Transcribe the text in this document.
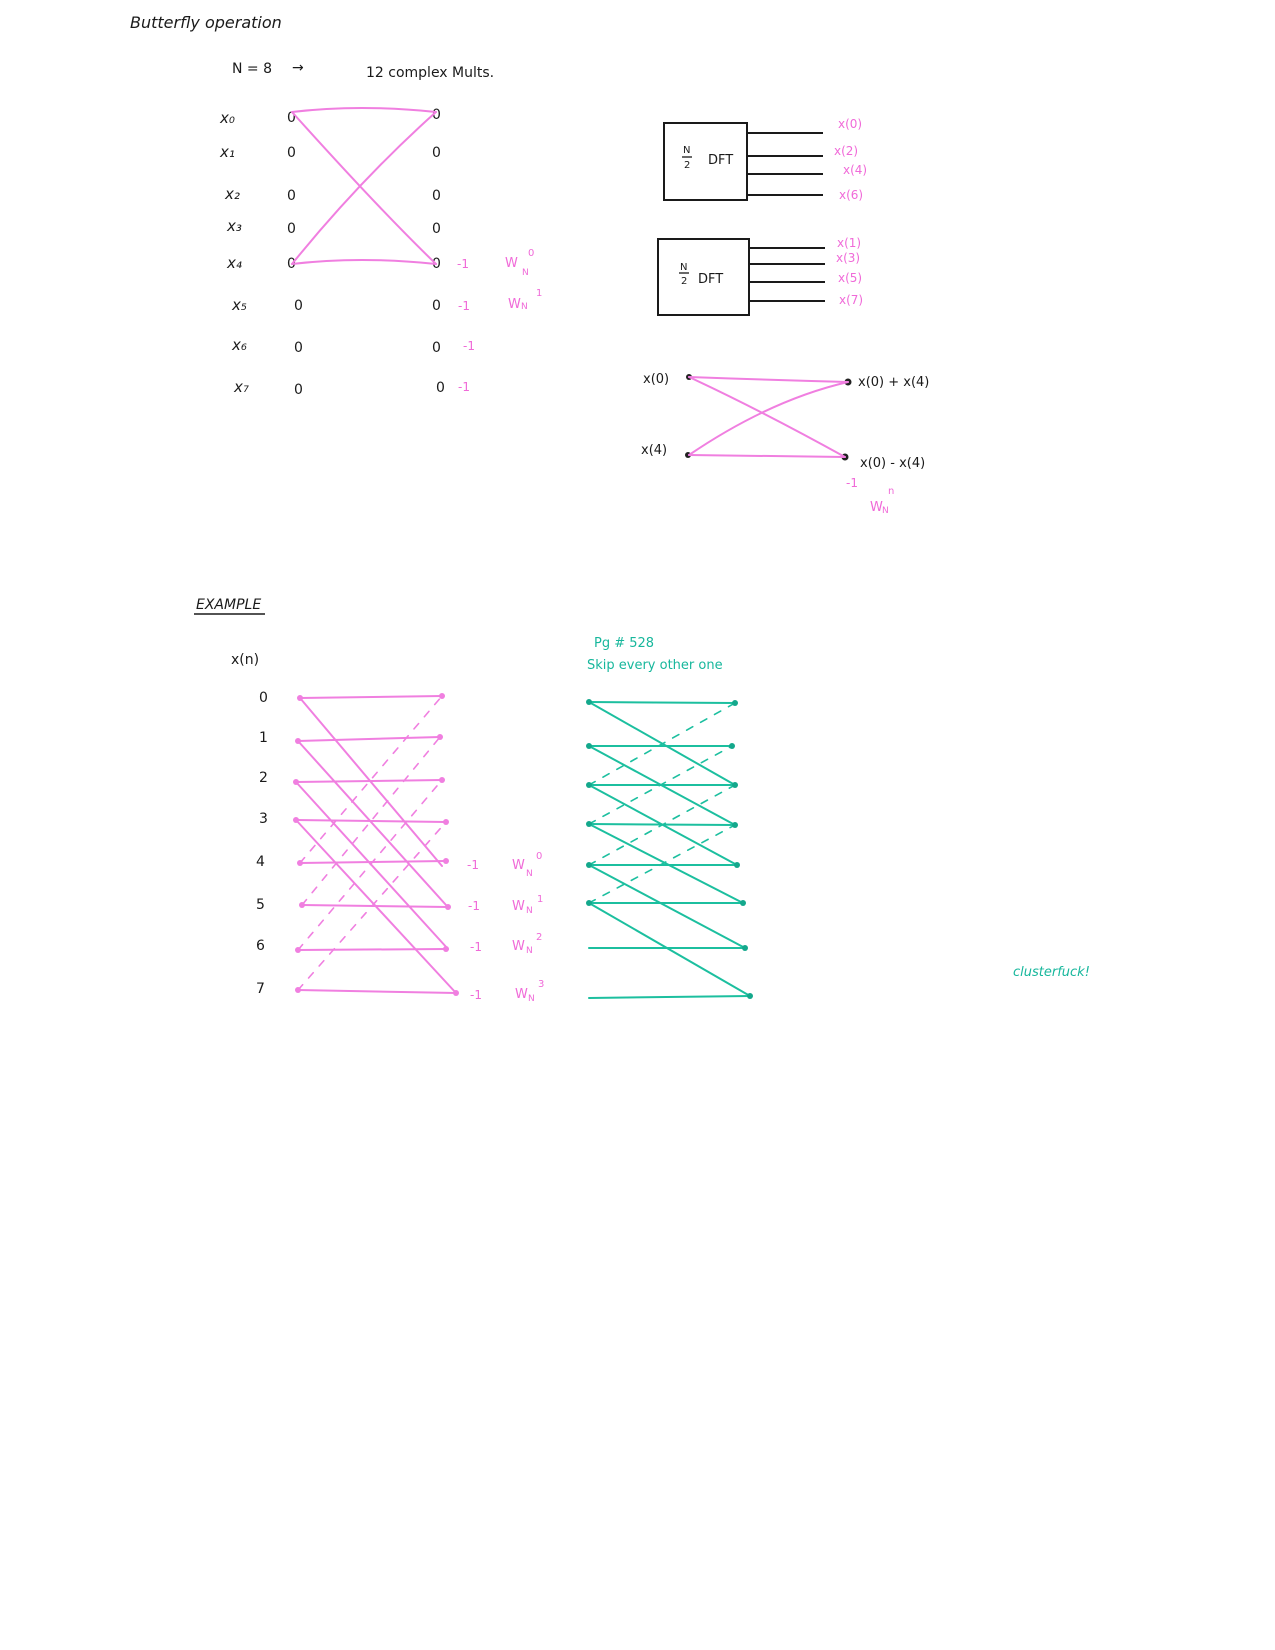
Butterfly operation
N = 8 →	12 complex Mults.
x₀
x₁
x₂
x₃
x₄
x₅
x₆
x₇
0
0
0
0
0
0
0
0
0
0
0
0
0
0
0
0
-1
-1
-1
-1
W
0
N
W
1
N
N
2 DFT
x(0)
x(2)
x(4)
x(6)
N
2 DFT
x(1)
x(3)
x(5)
x(7)
x(0)
x(4)
x(0) + x(4)
x(0) - x(4)
-1
W
n
N
EXAMPLE
x(n)
0
1
2
3
4
5
6
7
-1
-1
-1
-1
W
0
N
W 1
N
W
2
N
W
3
N
Pg # 528
Skip every other one
clusterfuck!
